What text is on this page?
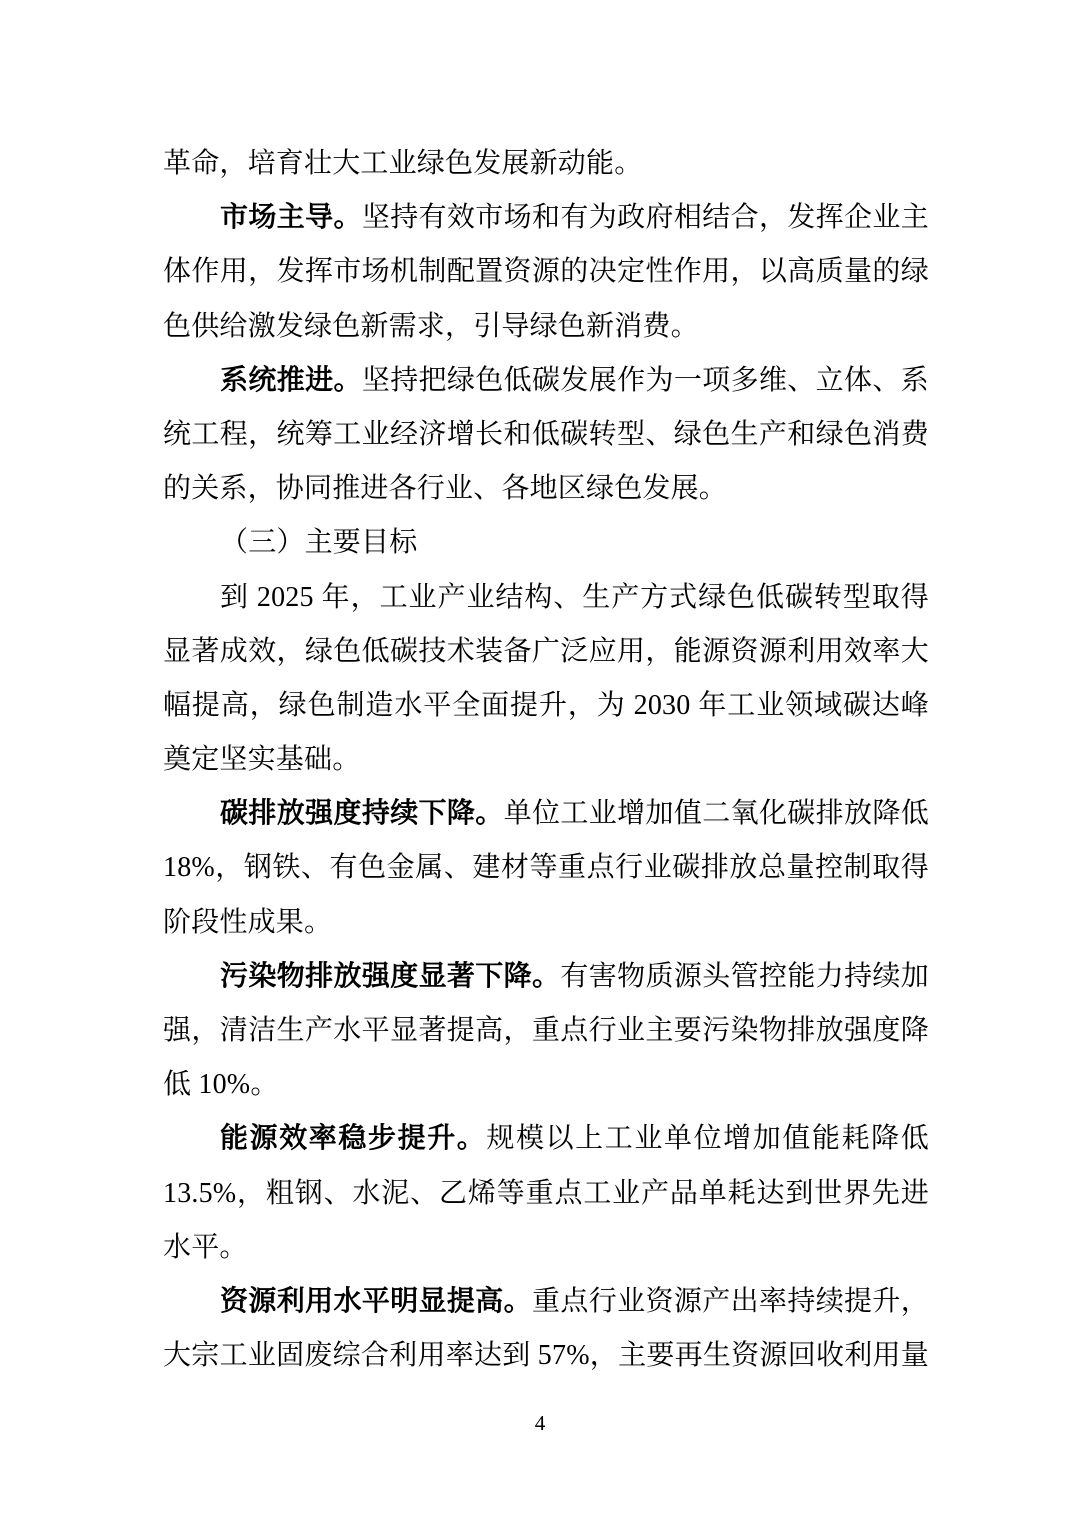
革命，培育壮大工业绿色发展新动能。
市场主导。坚持有效市场和有为政府相结合，发挥企业主
体作用，发挥市场机制配置资源的决定性作用，以高质量的绿
色供给激发绿色新需求，引导绿色新消费。
系统推进。坚持把绿色低碳发展作为一项多维、立体、系
统工程，统筹工业经济增长和低碳转型、绿色生产和绿色消费
的关系，协同推进各行业、各地区绿色发展。
（三）主要目标
到 2025 年，工业产业结构、生产方式绿色低碳转型取得
显著成效，绿色低碳技术装备广泛应用，能源资源利用效率大
幅提高，绿色制造水平全面提升，为 2030 年工业领域碳达峰
奠定坚实基础。
碳排放强度持续下降。单位工业增加值二氧化碳排放降低
18%，钢铁、有色金属、建材等重点行业碳排放总量控制取得
阶段性成果。
污染物排放强度显著下降。有害物质源头管控能力持续加
强，清洁生产水平显著提高，重点行业主要污染物排放强度降
低 10%。
能源效率稳步提升。规模以上工业单位增加值能耗降低
13.5%，粗钢、水泥、乙烯等重点工业产品单耗达到世界先进
水平。
资源利用水平明显提高。重点行业资源产出率持续提升，
大宗工业固废综合利用率达到 57%，主要再生资源回收利用量
4
